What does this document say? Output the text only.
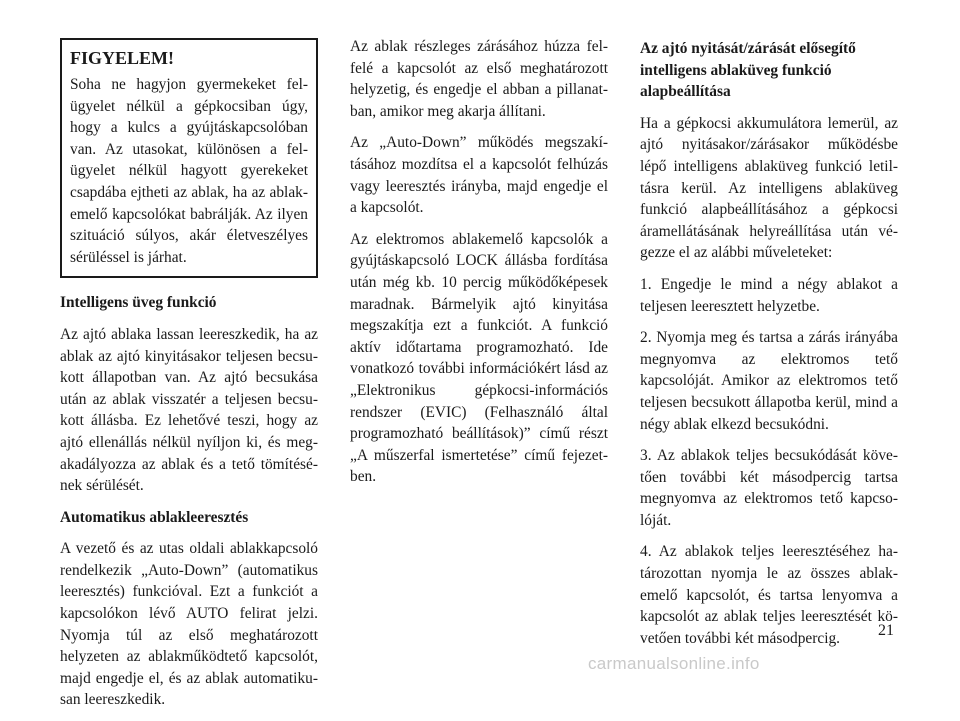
FIGYELEM!

Soha ne hagyjon gyermekeket felügyelet nélkül a gépkocsiban úgy, hogy a kulcs a gyújtáskapcsolóban van. Az utasokat, különösen a felügyelet nélkül hagyott gyerekeket csapdába ejtheti az ablak, ha az ablakemelő kapcsolókat babrálják. Az ilyen szituáció súlyos, akár életveszélyes sérüléssel is járhat.

Intelligens üveg funkció

Az ajtó ablaka lassan leereszkedik, ha az ablak az ajtó kinyitásakor teljesen becsukott állapotban van. Az ajtó becsukása után az ablak visszatér a teljesen becsukott állásba. Ez lehetővé teszi, hogy az ajtó ellenállás nélkül nyíljon ki, és megakadályozza az ablak és a tető tömítésének sérülését.

Automatikus ablakleeresztés

A vezető és az utas oldali ablakkapcsoló rendelkezik „Auto-Down” (automatikus leeresztés) funkcióval. Ezt a funkciót a kapcsolókon lévő AUTO felirat jelzi. Nyomja túl az első meghatározott helyzeten az ablakműködtető kapcsolót, majd engedje el, és az ablak automatikusan leereszkedik.

Az ablak részleges zárásához húzza felfelé a kapcsolót az első meghatározott helyzetig, és engedje el abban a pillanatban, amikor meg akarja állítani.

Az „Auto-Down” működés megszakításához mozdítsa el a kapcsolót felhúzás vagy leeresztés irányba, majd engedje el a kapcsolót.

Az elektromos ablakemelő kapcsolók a gyújtáskapcsoló LOCK állásba fordítása után még kb. 10 percig működőképesek maradnak. Bármelyik ajtó kinyitása megszakítja ezt a funkciót. A funkció aktív időtartama programozható. Ide vonatkozó további információkért lásd az „Elektronikus gépkocsi-információs rendszer (EVIC) (Felhasználó által programozható beállítások)” című részt „A műszerfal ismertetése” című fejezetben.

Az ajtó nyitását/zárását elősegítő intelligens ablaküveg funkció alapbeállítása

Ha a gépkocsi akkumulátora lemerül, az ajtó nyitásakor/zárásakor működésbe lépő intelligens ablaküveg funkció letiltásra kerül. Az intelligens ablaküveg funkció alapbeállításához a gépkocsi áramellátásának helyreállítása után végezze el az alábbi műveleteket:

1. Engedje le mind a négy ablakot a teljesen leeresztett helyzetbe.

2. Nyomja meg és tartsa a zárás irányába megnyomva az elektromos tető kapcsolóját. Amikor az elektromos tető teljesen becsukott állapotba kerül, mind a négy ablak elkezd becsukódni.

3. Az ablakok teljes becsukódását követően további két másodpercig tartsa megnyomva az elektromos tető kapcsolóját.

4. Az ablakok teljes leeresztéséhez határozottan nyomja le az összes ablakemelő kapcsolót, és tartsa lenyomva a kapcsolót az ablak teljes leeresztését követően további két másodpercig.	21
carmanualsonline.info
